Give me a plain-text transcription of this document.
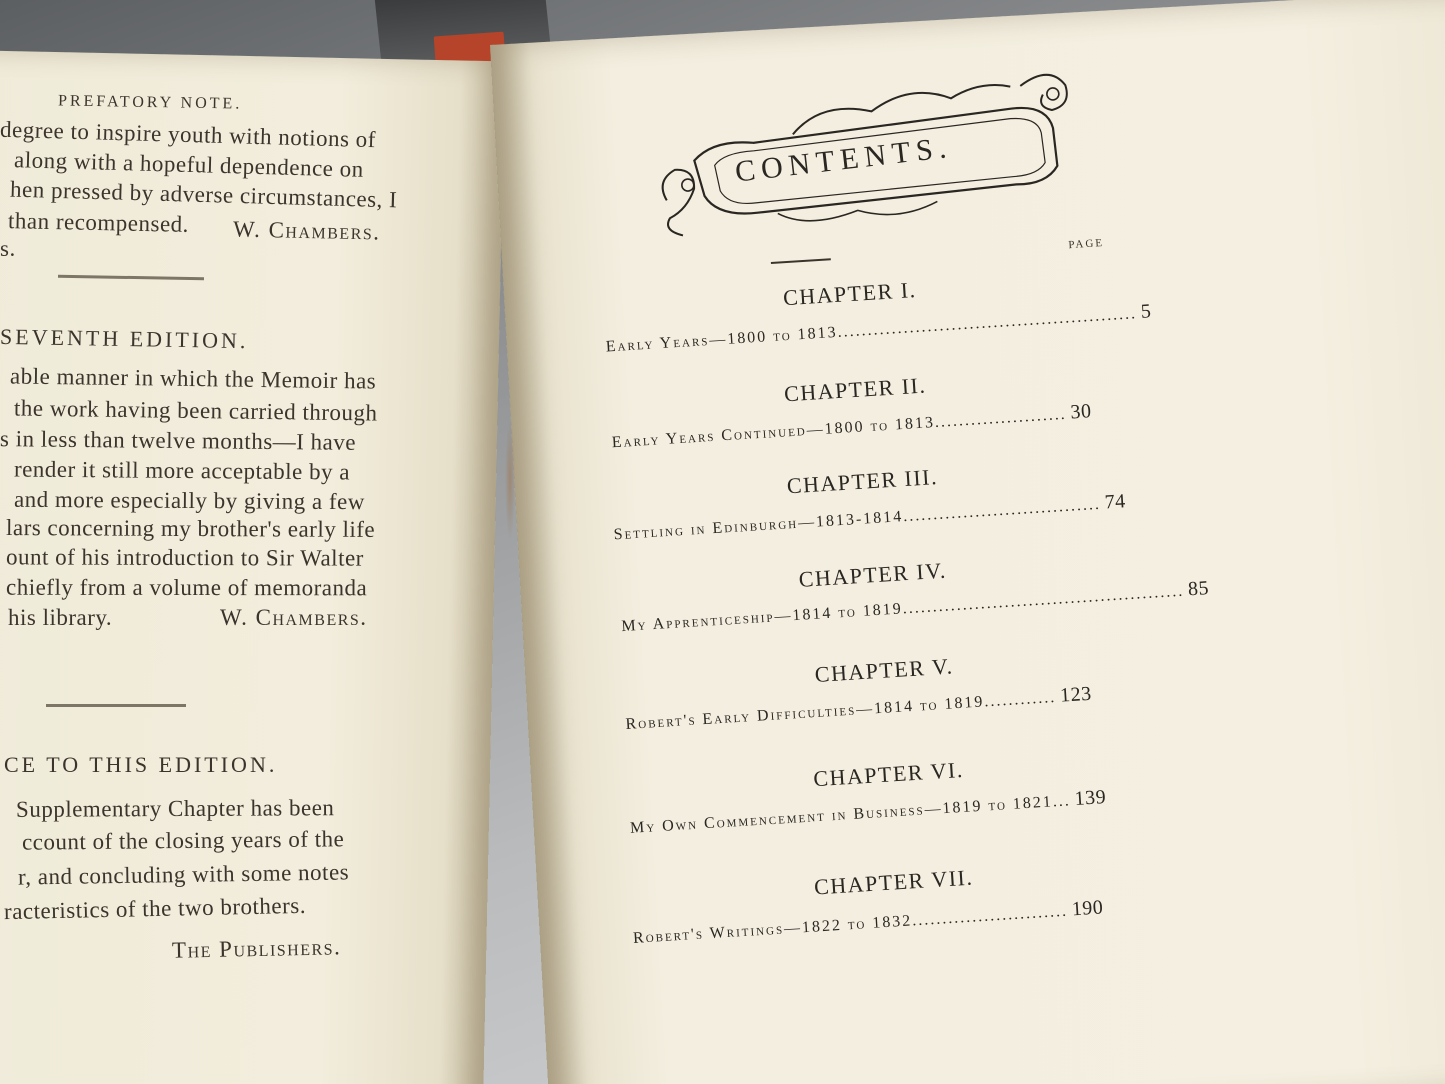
PREFATORY NOTE.
degree to inspire youth with notions of
along with a hopeful dependence on
hen pressed by adverse circumstances, I
than recompensed. W. Chambers.
s.
SEVENTH EDITION.
able manner in which the Memoir has
the work having been carried through
s in less than twelve months—I have
render it still more acceptable by a
and more especially by giving a few
lars concerning my brother's early life
ount of his introduction to Sir Walter
chiefly from a volume of memoranda
his library.	W. Chambers.
CE TO THIS EDITION.
Supplementary Chapter has been
ccount of the closing years of the
r, and concluding with some notes
racteristics of the two brothers.
The Publishers.
CONTENTS.
PAGE
CHAPTER I.
Early Years—1800 to 1813.................................................. 5
CHAPTER II.
Early Years Continued—1800 to 1813...................... 30
CHAPTER III.
Settling in Edinburgh—1813-1814................................. 74
CHAPTER IV.
My Apprenticeship—1814 to 1819............................................... 85
CHAPTER V.
Robert's Early Difficulties—1814 to 1819............ 123
CHAPTER VI.
My Own Commencement in Business—1819 to 1821... 139
CHAPTER VII.
Robert's Writings—1822 to 1832.......................... 190
